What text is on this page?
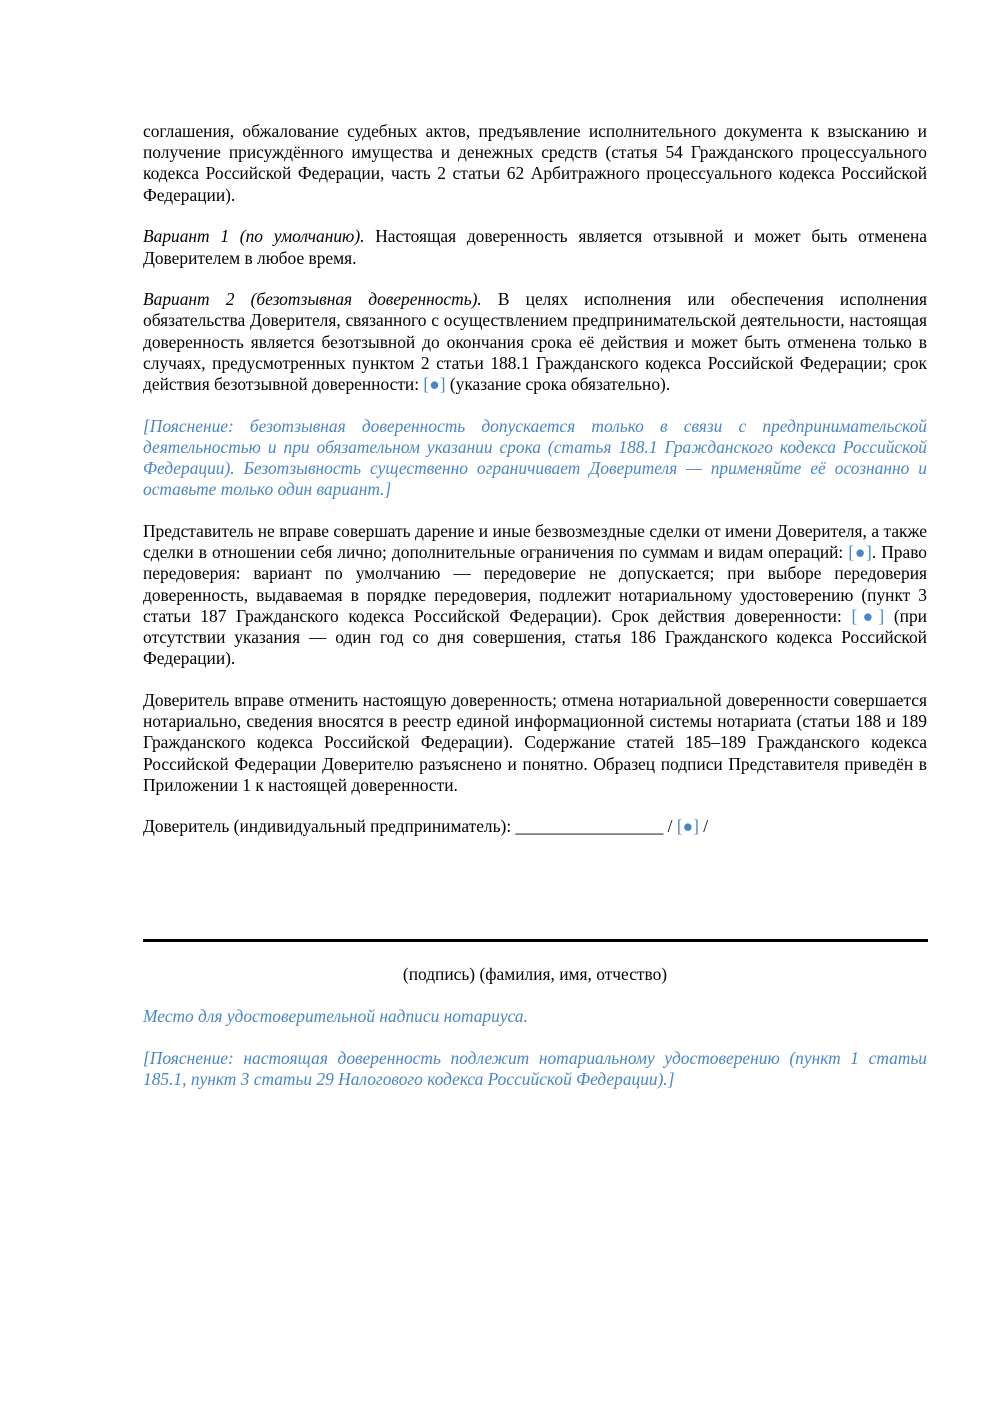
соглашения, обжалование судебных актов, предъявление исполнительного документа к взысканию и получение присуждённого имущества и денежных средств (статья 54 Гражданского процессуального кодекса Российской Федерации, часть 2 статьи 62 Арбитражного процессуального кодекса Российской Федерации).

Вариант 1 (по умолчанию). Настоящая доверенность является отзывной и может быть отменена Доверителем в любое время.

Вариант 2 (безотзывная доверенность). В целях исполнения или обеспечения исполнения обязательства Доверителя, связанного с осуществлением предпринимательской деятельности, настоящая доверенность является безотзывной до окончания срока её действия и может быть отменена только в случаях, предусмотренных пунктом 2 статьи 188.1 Гражданского кодекса Российской Федерации; срок действия безотзывной доверенности: [●] (указание срока обязательно).

[Пояснение: безотзывная доверенность допускается только в связи с предпринимательской деятельностью и при обязательном указании срока (статья 188.1 Гражданского кодекса Российской Федерации). Безотзывность существенно ограничивает Доверителя — применяйте её осознанно и оставьте только один вариант.]

Представитель не вправе совершать дарение и иные безвозмездные сделки от имени Доверителя, а также сделки в отношении себя лично; дополнительные ограничения по суммам и видам операций: [●]. Право передоверия: вариант по умолчанию — передоверие не допускается; при выборе передоверия доверенность, выдаваемая в порядке передоверия, подлежит нотариальному удостоверению (пункт 3 статьи 187 Гражданского кодекса Российской Федерации). Срок действия доверенности: [●] (при отсутствии указания — один год со дня совершения, статья 186 Гражданского кодекса Российской Федерации).

Доверитель вправе отменить настоящую доверенность; отмена нотариальной доверенности совершается нотариально, сведения вносятся в реестр единой информационной системы нотариата (статьи 188 и 189 Гражданского кодекса Российской Федерации). Содержание статей 185–189 Гражданского кодекса Российской Федерации Доверителю разъяснено и понятно. Образец подписи Представителя приведён в Приложении 1 к настоящей доверенности.

Доверитель (индивидуальный предприниматель): _________________ / [●] /

(подпись) (фамилия, имя, отчество)

Место для удостоверительной надписи нотариуса.

[Пояснение: настоящая доверенность подлежит нотариальному удостоверению (пункт 1 статьи 185.1, пункт 3 статьи 29 Налогового кодекса Российской Федерации).]
